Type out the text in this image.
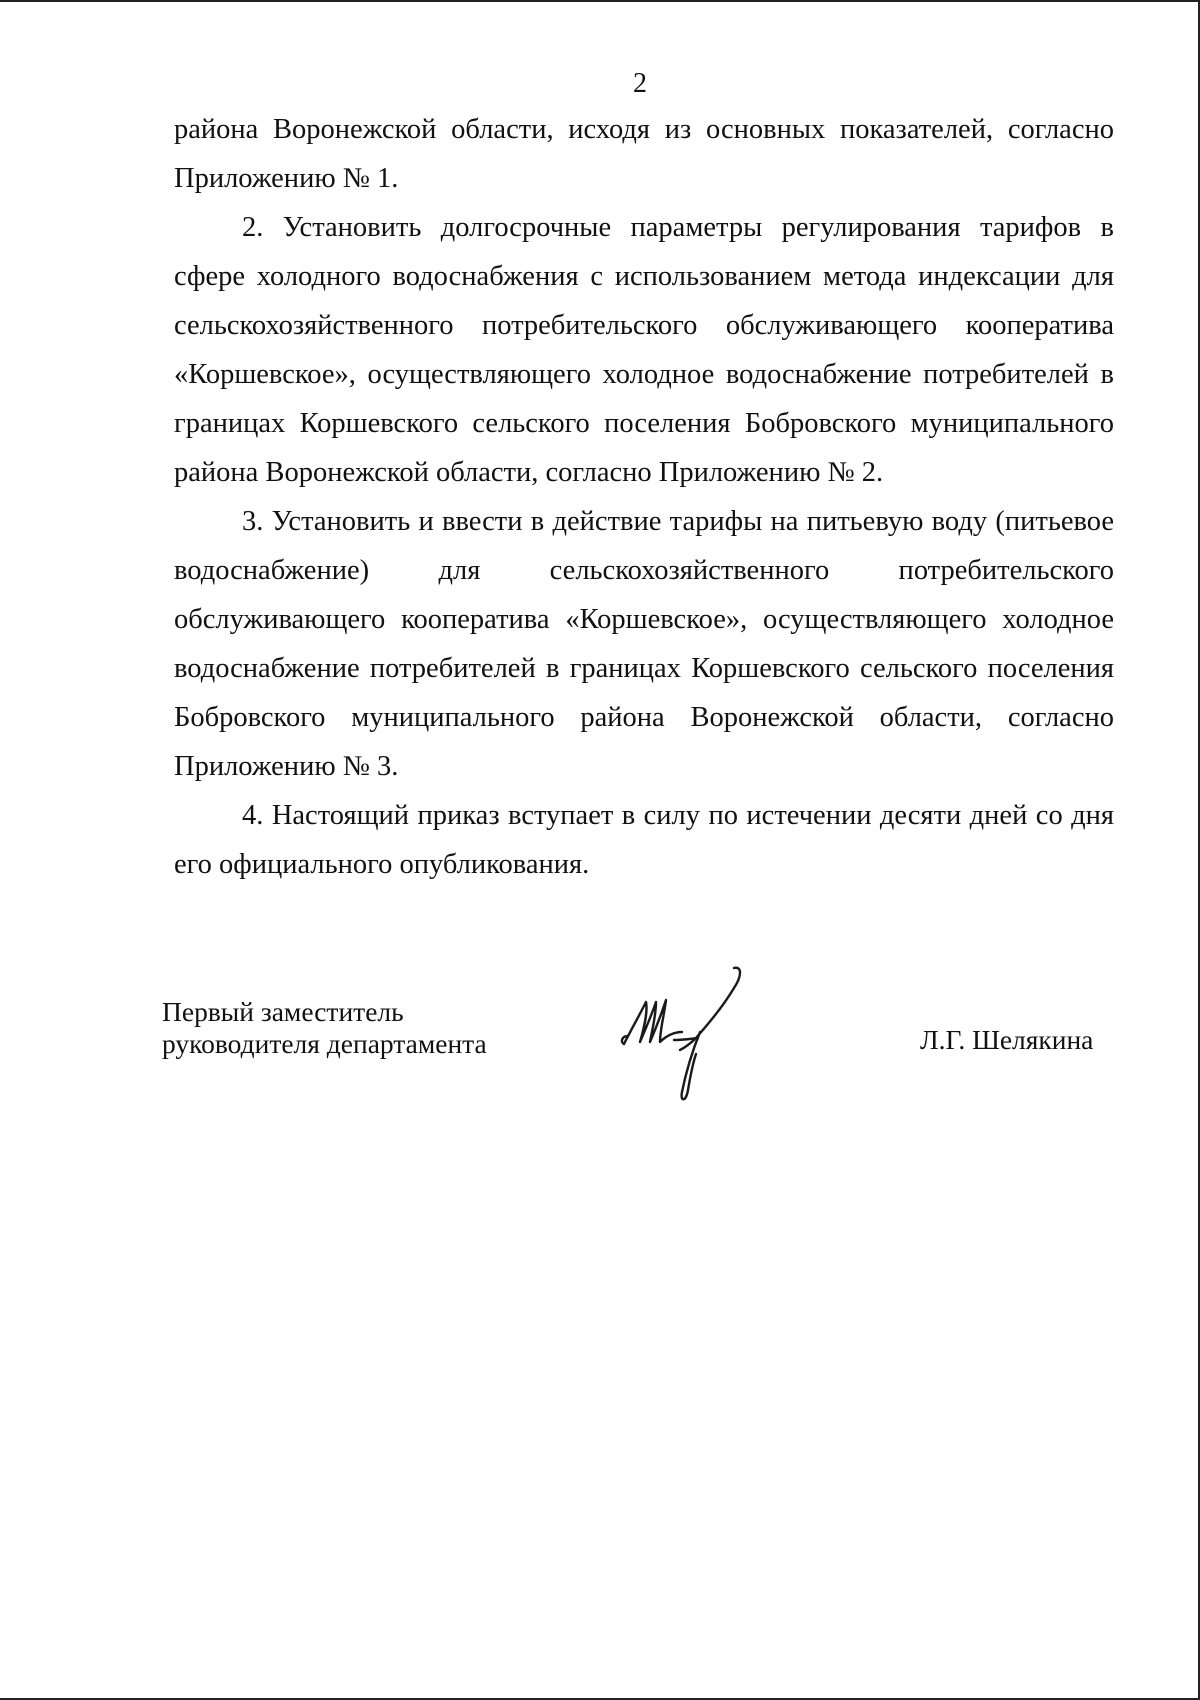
2

района Воронежской области, исходя из основных показателей, согласно Приложению № 1.

2. Установить долгосрочные параметры регулирования тарифов в сфере холодного водоснабжения с использованием метода индексации для сельскохозяйственного потребительского обслуживающего кооператива «Коршевское», осуществляющего холодное водоснабжение потребителей в границах Коршевского сельского поселения Бобровского муниципального района Воронежской области, согласно Приложению № 2.

3. Установить и ввести в действие тарифы на питьевую воду (питьевое водоснабжение) для сельскохозяйственного потребительского обслуживающего кооператива «Коршевское», осуществляющего холодное водоснабжение потребителей в границах Коршевского сельского поселения Бобровского муниципального района Воронежской области, согласно Приложению № 3.

4. Настоящий приказ вступает в силу по истечении десяти дней со дня его официального опубликования.

Первый заместитель
руководителя департамента	Л.Г. Шелякина
